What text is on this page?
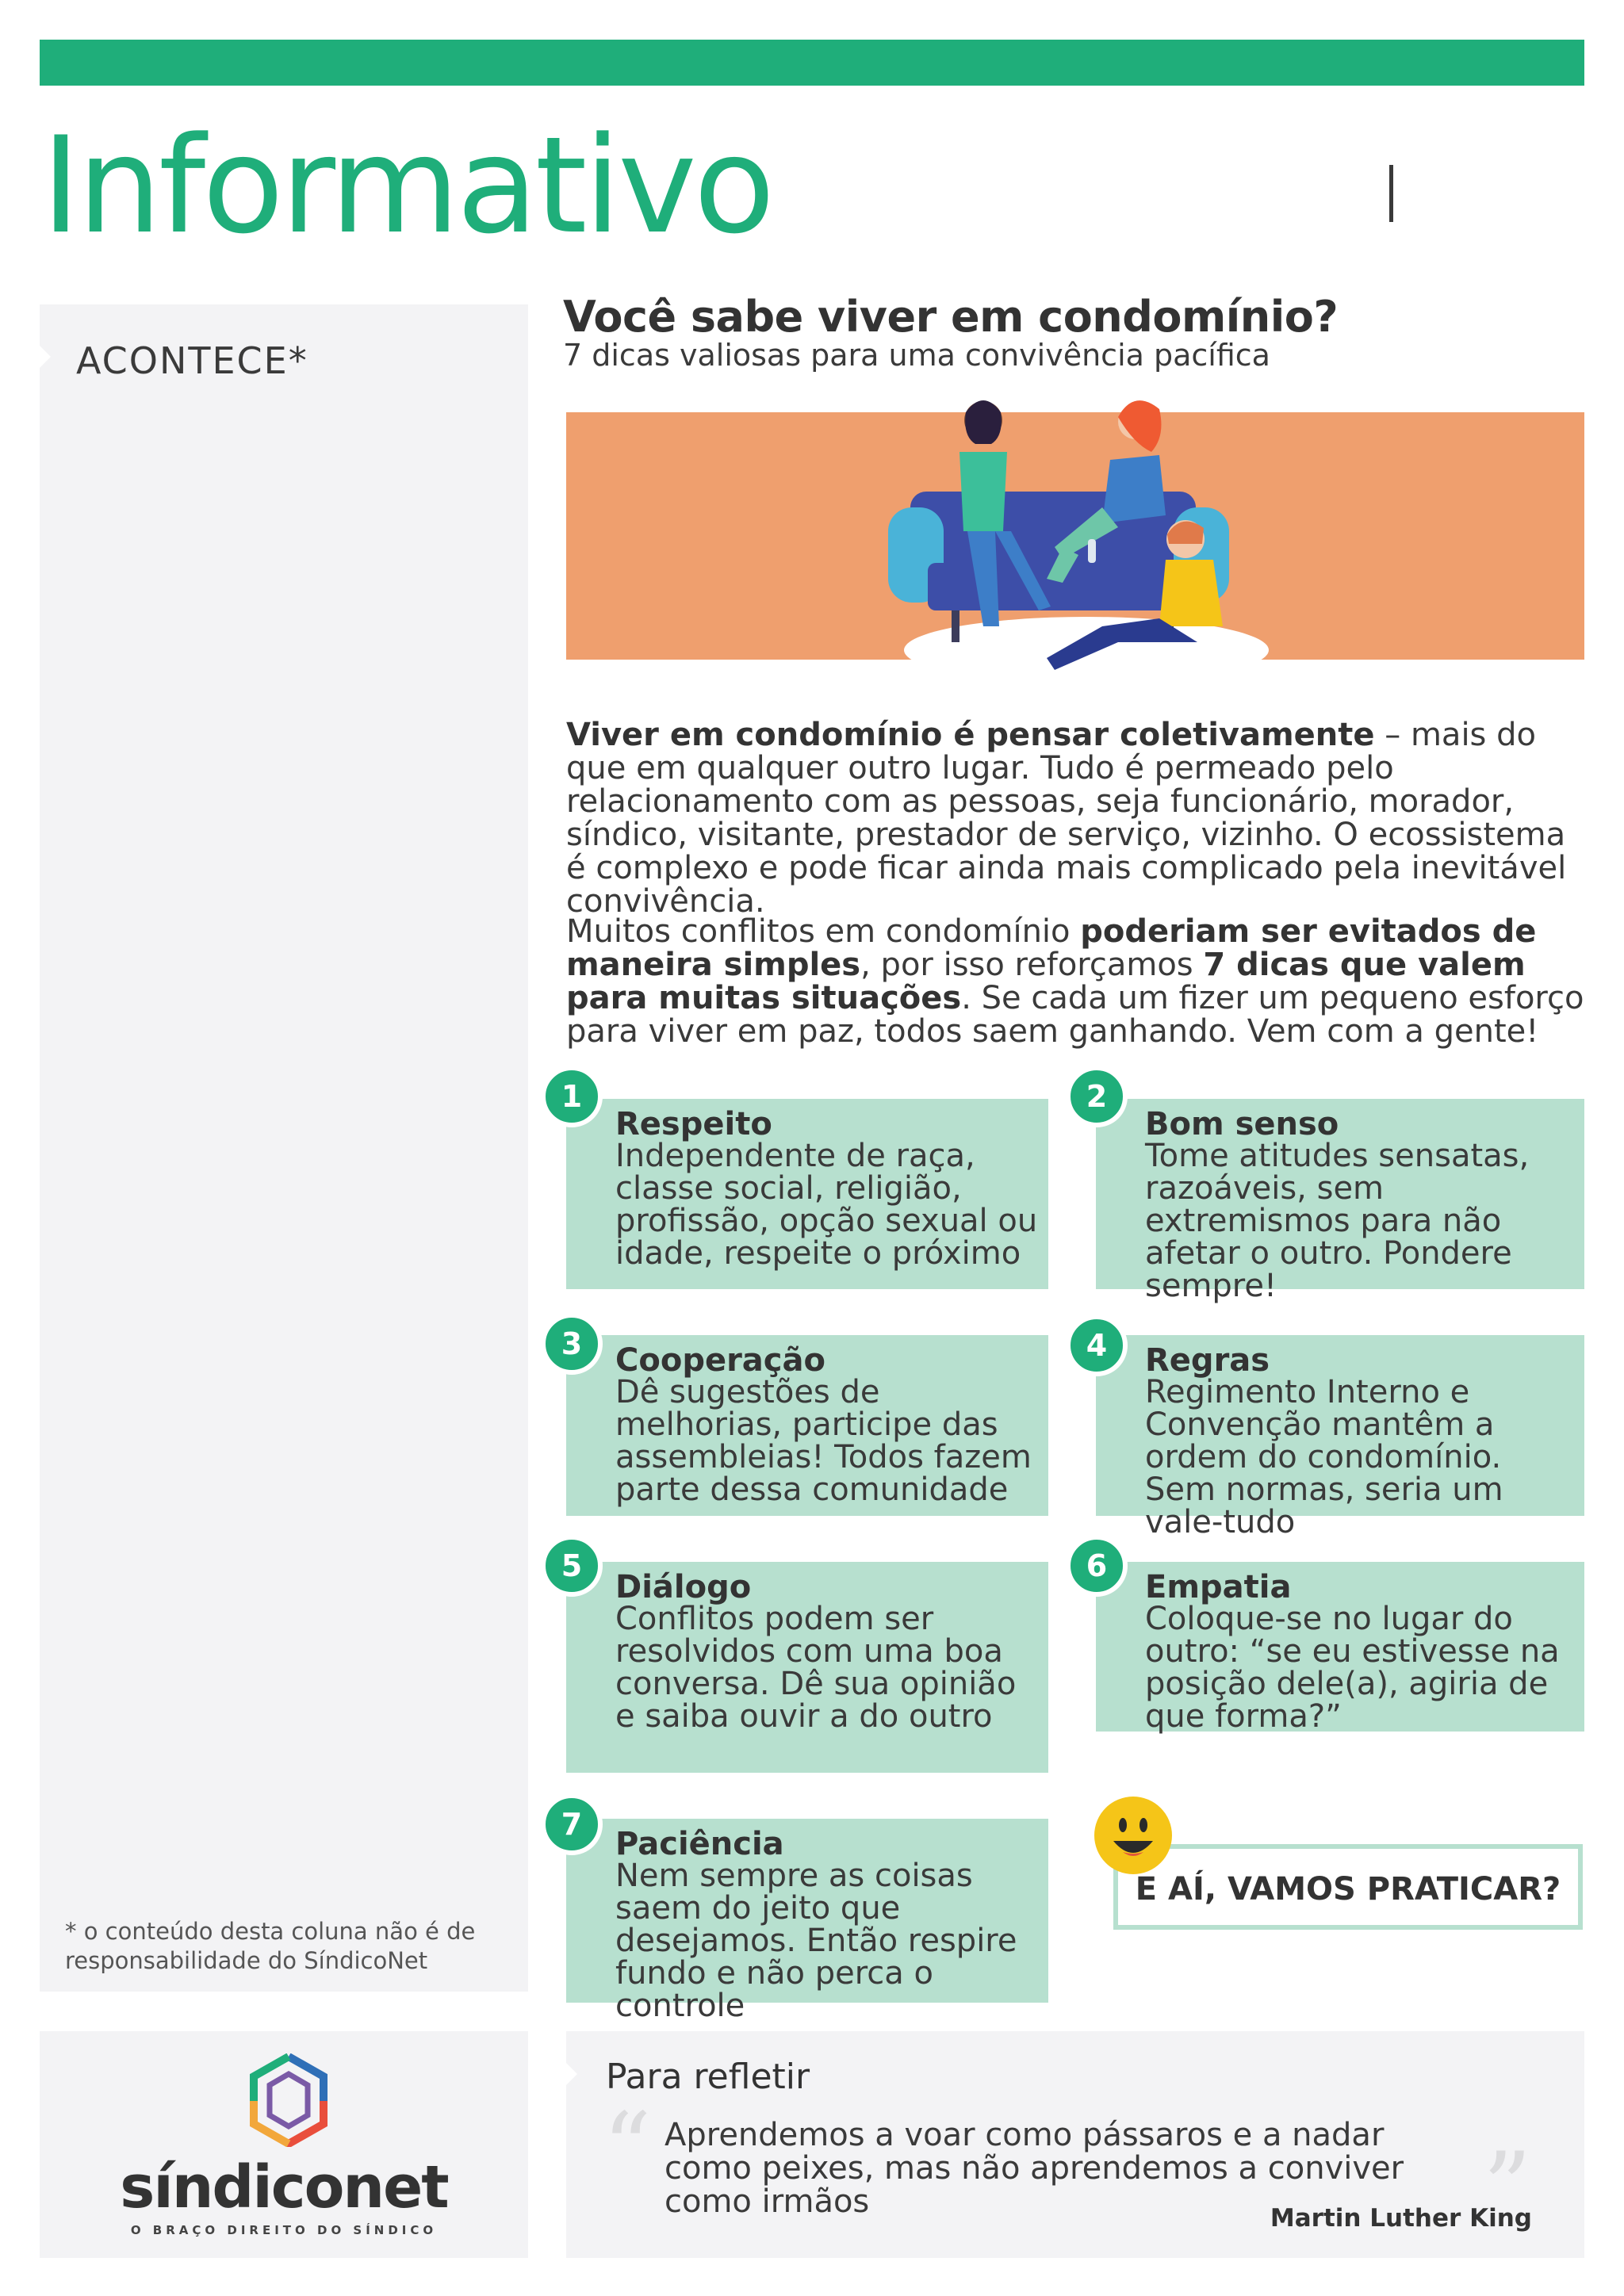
Informativo
ACONTECE*
* o conteúdo desta coluna não é de responsabilidade do SíndicoNet
síndiconet
O BRAÇO DIREITO DO SÍNDICO
Você sabe viver em condomínio?
7 dicas valiosas para uma convivência pacífica
Viver em condomínio é pensar coletivamente – mais do que em qualquer outro lugar. Tudo é permeado pelo relacionamento com as pessoas, seja funcionário, morador, síndico, visitante, prestador de serviço, vizinho. O ecossistema é complexo e pode ficar ainda mais complicado pela inevitável convivência.
Muitos conflitos em condomínio poderiam ser evitados de maneira simples, por isso reforçamos 7 dicas que valem para muitas situações. Se cada um fizer um pequeno esforço para viver em paz, todos saem ganhando. Vem com a gente!
Respeito
Independente de raça, classe social, religião, profissão, opção sexual ou idade, respeite o próximo
1
Bom senso
Tome atitudes sensatas, razoáveis, sem extremismos para não afetar o outro. Pondere sempre!
2
Cooperação
Dê sugestões de melhorias, participe das assembleias! Todos fazem parte dessa comunidade
3	Regras
Regimento Interno e Convenção mantêm a ordem do condomínio. Sem normas, seria um vale-tudo
4
Diálogo
Conflitos podem ser resolvidos com uma boa conversa. Dê sua opinião e saiba ouvir a do outro
5
Empatia
Coloque-se no lugar do outro: “se eu estivesse na posição dele(a), agiria de que forma?”
6
Paciência
Nem sempre as coisas saem do jeito que desejamos. Então respire fundo e não perca o controle
7
E AÍ, VAMOS PRATICAR?
Para refletir
“	”
Aprendemos a voar como pássaros e a nadar como peixes, mas não aprendemos a conviver como irmãos	Martin Luther King
